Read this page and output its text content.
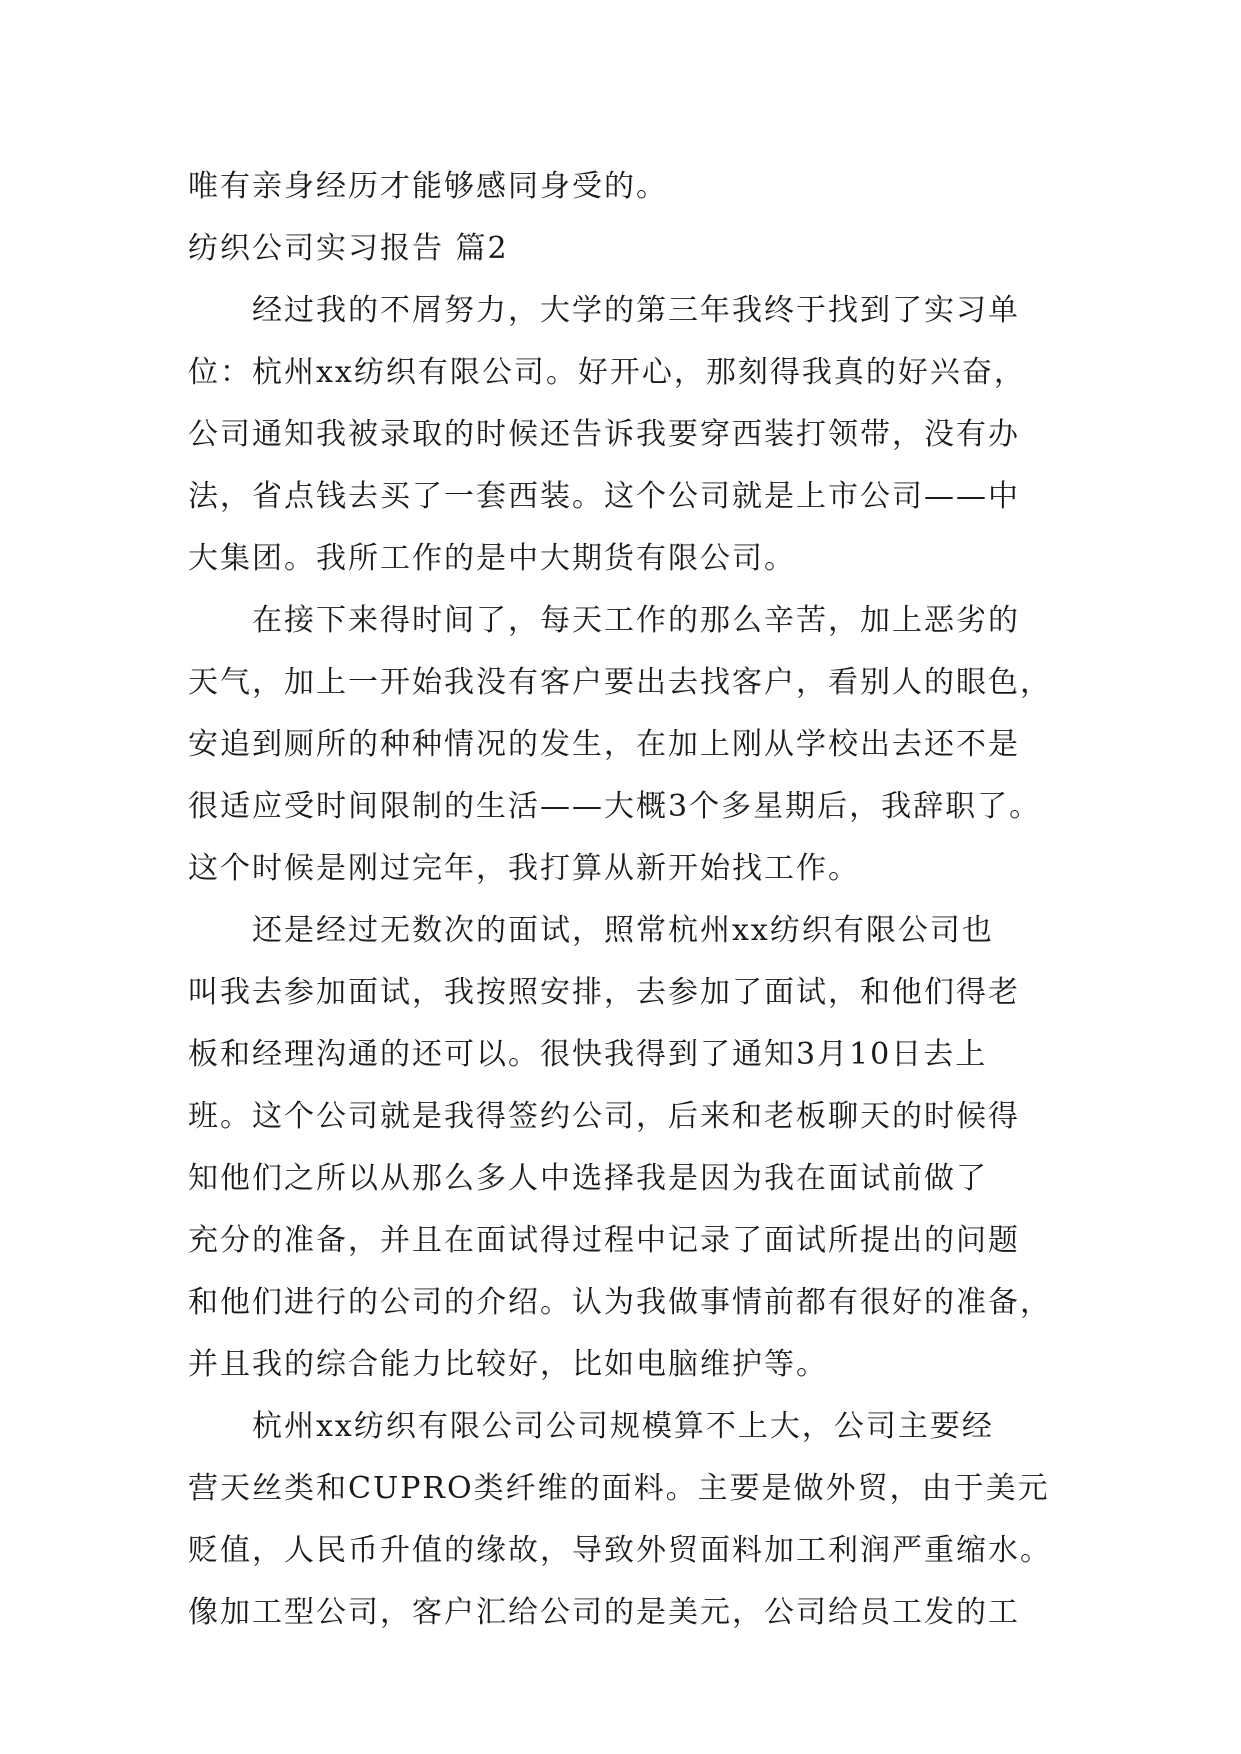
唯有亲身经历才能够感同身受的。
纺织公司实习报告 篇2
经过我的不屑努力，大学的第三年我终于找到了实习单
位：杭州xx纺织有限公司。好开心，那刻得我真的好兴奋，
公司通知我被录取的时候还告诉我要穿西装打领带，没有办
法，省点钱去买了一套西装。这个公司就是上市公司——中
大集团。我所工作的是中大期货有限公司。
在接下来得时间了，每天工作的那么辛苦，加上恶劣的
天气，加上一开始我没有客户要出去找客户，看别人的眼色，
安追到厕所的种种情况的发生，在加上刚从学校出去还不是
很适应受时间限制的生活——大概3个多星期后，我辞职了。
这个时候是刚过完年，我打算从新开始找工作。
还是经过无数次的面试，照常杭州xx纺织有限公司也
叫我去参加面试，我按照安排，去参加了面试，和他们得老
板和经理沟通的还可以。很快我得到了通知3月10日去上
班。这个公司就是我得签约公司，后来和老板聊天的时候得
知他们之所以从那么多人中选择我是因为我在面试前做了
充分的准备，并且在面试得过程中记录了面试所提出的问题
和他们进行的公司的介绍。认为我做事情前都有很好的准备，
并且我的综合能力比较好，比如电脑维护等。
杭州xx纺织有限公司公司规模算不上大，公司主要经
营天丝类和CUPRO类纤维的面料。主要是做外贸，由于美元
贬值，人民币升值的缘故，导致外贸面料加工利润严重缩水。
像加工型公司，客户汇给公司的是美元，公司给员工发的工
